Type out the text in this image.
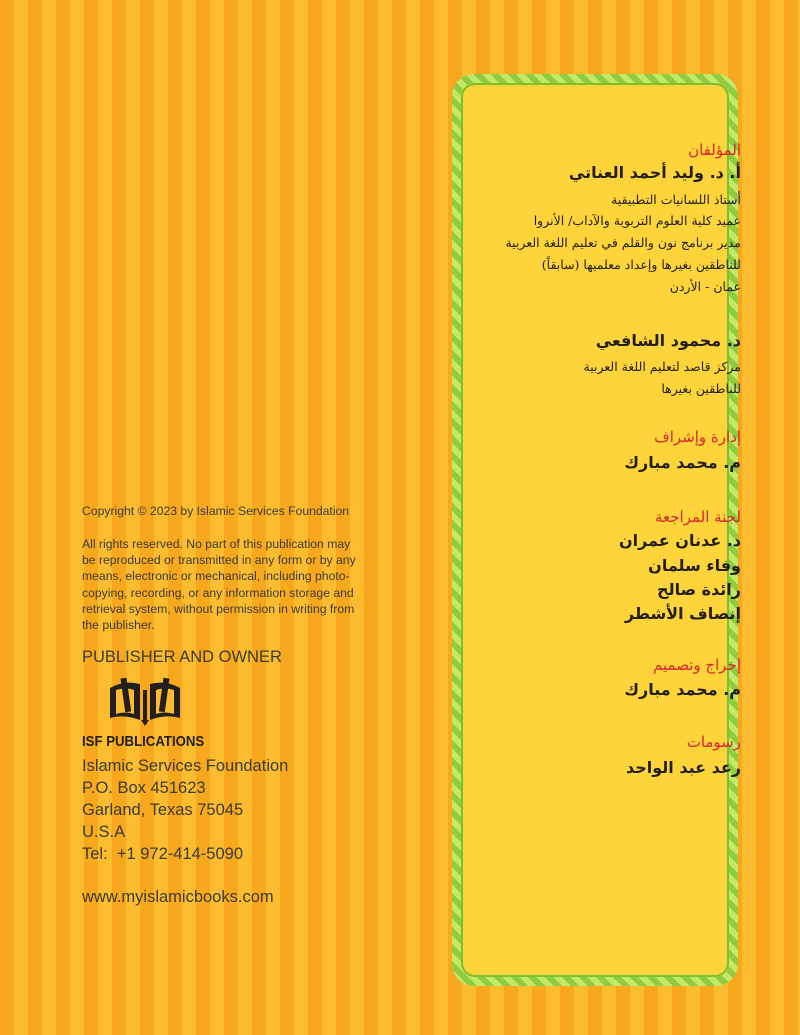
المؤلفان
أ. د. وليد أحمد العناتي
أستاذ اللسانيات التطبيقية
عميد كلية العلوم التربوية والآداب/ الأنروا
مدير برنامج نون والقلم في تعليم اللغة العربية
للناطقين بغيرها وإعداد معلميها (سابقاً)
عمان - الأردن
د. محمود الشافعي
مركز قاصد لتعليم اللغة العربية
للناطقين بغيرها
إدارة وإشراف
م. محمد مبارك
لجنة المراجعة
د. عدنان عمران
وفاء سلمان
رائدة صالح
إنصاف الأشطر
إخراج وتصميم
م. محمد مبارك
رسومات
رعد عبد الواحد
Copyright © 2023 by Islamic Services Foundation
All rights reserved. No part of this publication may
be reproduced or transmitted in any form or by any
means, electronic or mechanical, including photo-
copying, recording, or any information storage and
retrieval system, without permission in writing from
the publisher.
PUBLISHER AND OWNER
ISF PUBLICATIONS
Islamic Services Foundation
P.O. Box 451623
Garland, Texas 75045
U.S.A
Tel:  +1 972-414-5090
www.myislamicbooks.com
